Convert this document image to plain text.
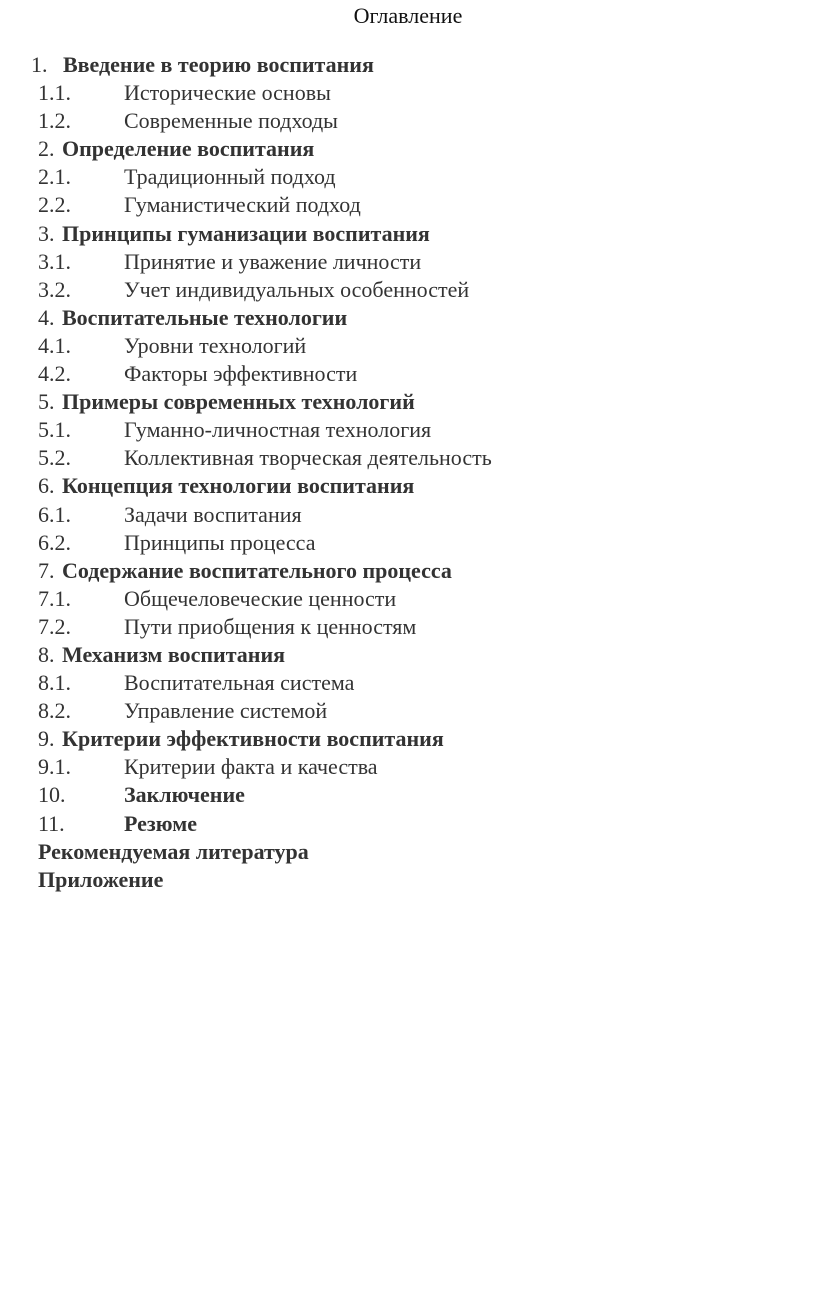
Оглавление
1. Введение в теорию воспитания
1.1. Исторические основы
1.2. Современные подходы
2. Определение воспитания
2.1. Традиционный подход
2.2. Гуманистический подход
3. Принципы гуманизации воспитания
3.1. Принятие и уважение личности
3.2. Учет индивидуальных особенностей
4. Воспитательные технологии
4.1. Уровни технологий
4.2. Факторы эффективности
5. Примеры современных технологий
5.1. Гуманно-личностная технология
5.2. Коллективная творческая деятельность
6. Концепция технологии воспитания
6.1. Задачи воспитания
6.2. Принципы процесса
7. Содержание воспитательного процесса
7.1. Общечеловеческие ценности
7.2. Пути приобщения к ценностям
8. Механизм воспитания
8.1. Воспитательная система
8.2. Управление системой
9. Критерии эффективности воспитания
9.1. Критерии факта и качества
10.	Заключение
11.	Резюме
Рекомендуемая литература
Приложение
